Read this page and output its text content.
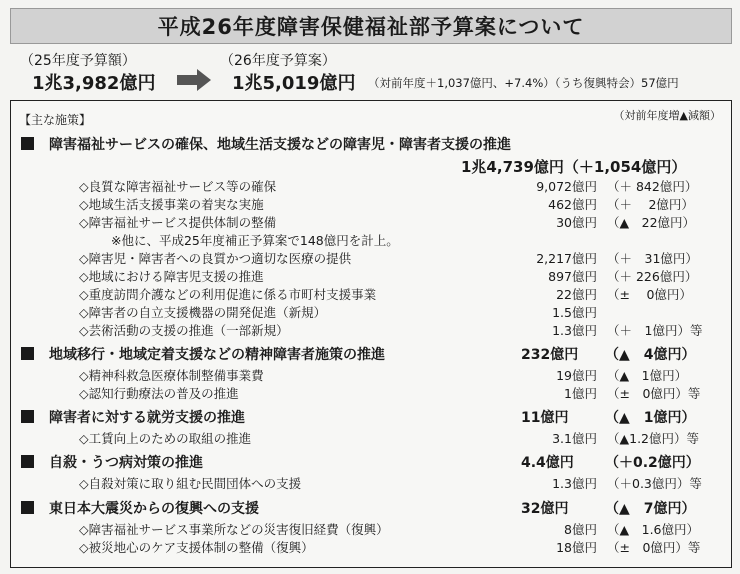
平成26年度障害保健福祉部予算案について
（25年度予算額）
1兆3,982億円
（26年度予算案）
1兆5,019億円 （対前年度＋1,037億円、+7.4%）（うち復興特会）57億円
【主な施策】	（対前年度増▲減額）
障害福祉サービスの確保、地域生活支援などの障害児・障害者支援の推進
1兆4,739億円（＋1,054億円）
◇良質な障害福祉サービス等の確保	9,072億円 （＋ 842億円）
◇地域生活支援事業の着実な実施	462億円 （＋　 2億円）
◇障害福祉サービス提供体制の整備	30億円 （▲　22億円）
※他に、平成25年度補正予算案で148億円を計上。
◇障害児・障害者への良質かつ適切な医療の提供	2,217億円 （＋　31億円）
◇地域における障害児支援の推進	897億円 （＋ 226億円）
◇重度訪問介護などの利用促進に係る市町村支援事業	22億円 （±　 0億円）
◇障害者の自立支援機器の開発促進（新規）	1.5億円
◇芸術活動の支援の推進（一部新規）	1.3億円 （＋　1億円）等
地域移行・地域定着支援などの精神障害者施策の推進	232億円 （▲　4億円）
◇精神科救急医療体制整備事業費	19億円 （▲　1億円）
◇認知行動療法の普及の推進	1億円 （±　0億円）等
障害者に対する就労支援の推進	11億円	（▲　1億円）
◇工賃向上のための取組の推進	3.1億円 （▲1.2億円）等
自殺・うつ病対策の推進	4.4億円 （＋0.2億円）
◇自殺対策に取り組む民間団体への支援	1.3億円 （＋0.3億円）等
東日本大震災からの復興への支援	32億円	（▲　7億円）
◇障害福祉サービス事業所などの災害復旧経費（復興）	8億円 （▲　1.6億円）
◇被災地心のケア支援体制の整備（復興）	18億円 （±　0億円）等
